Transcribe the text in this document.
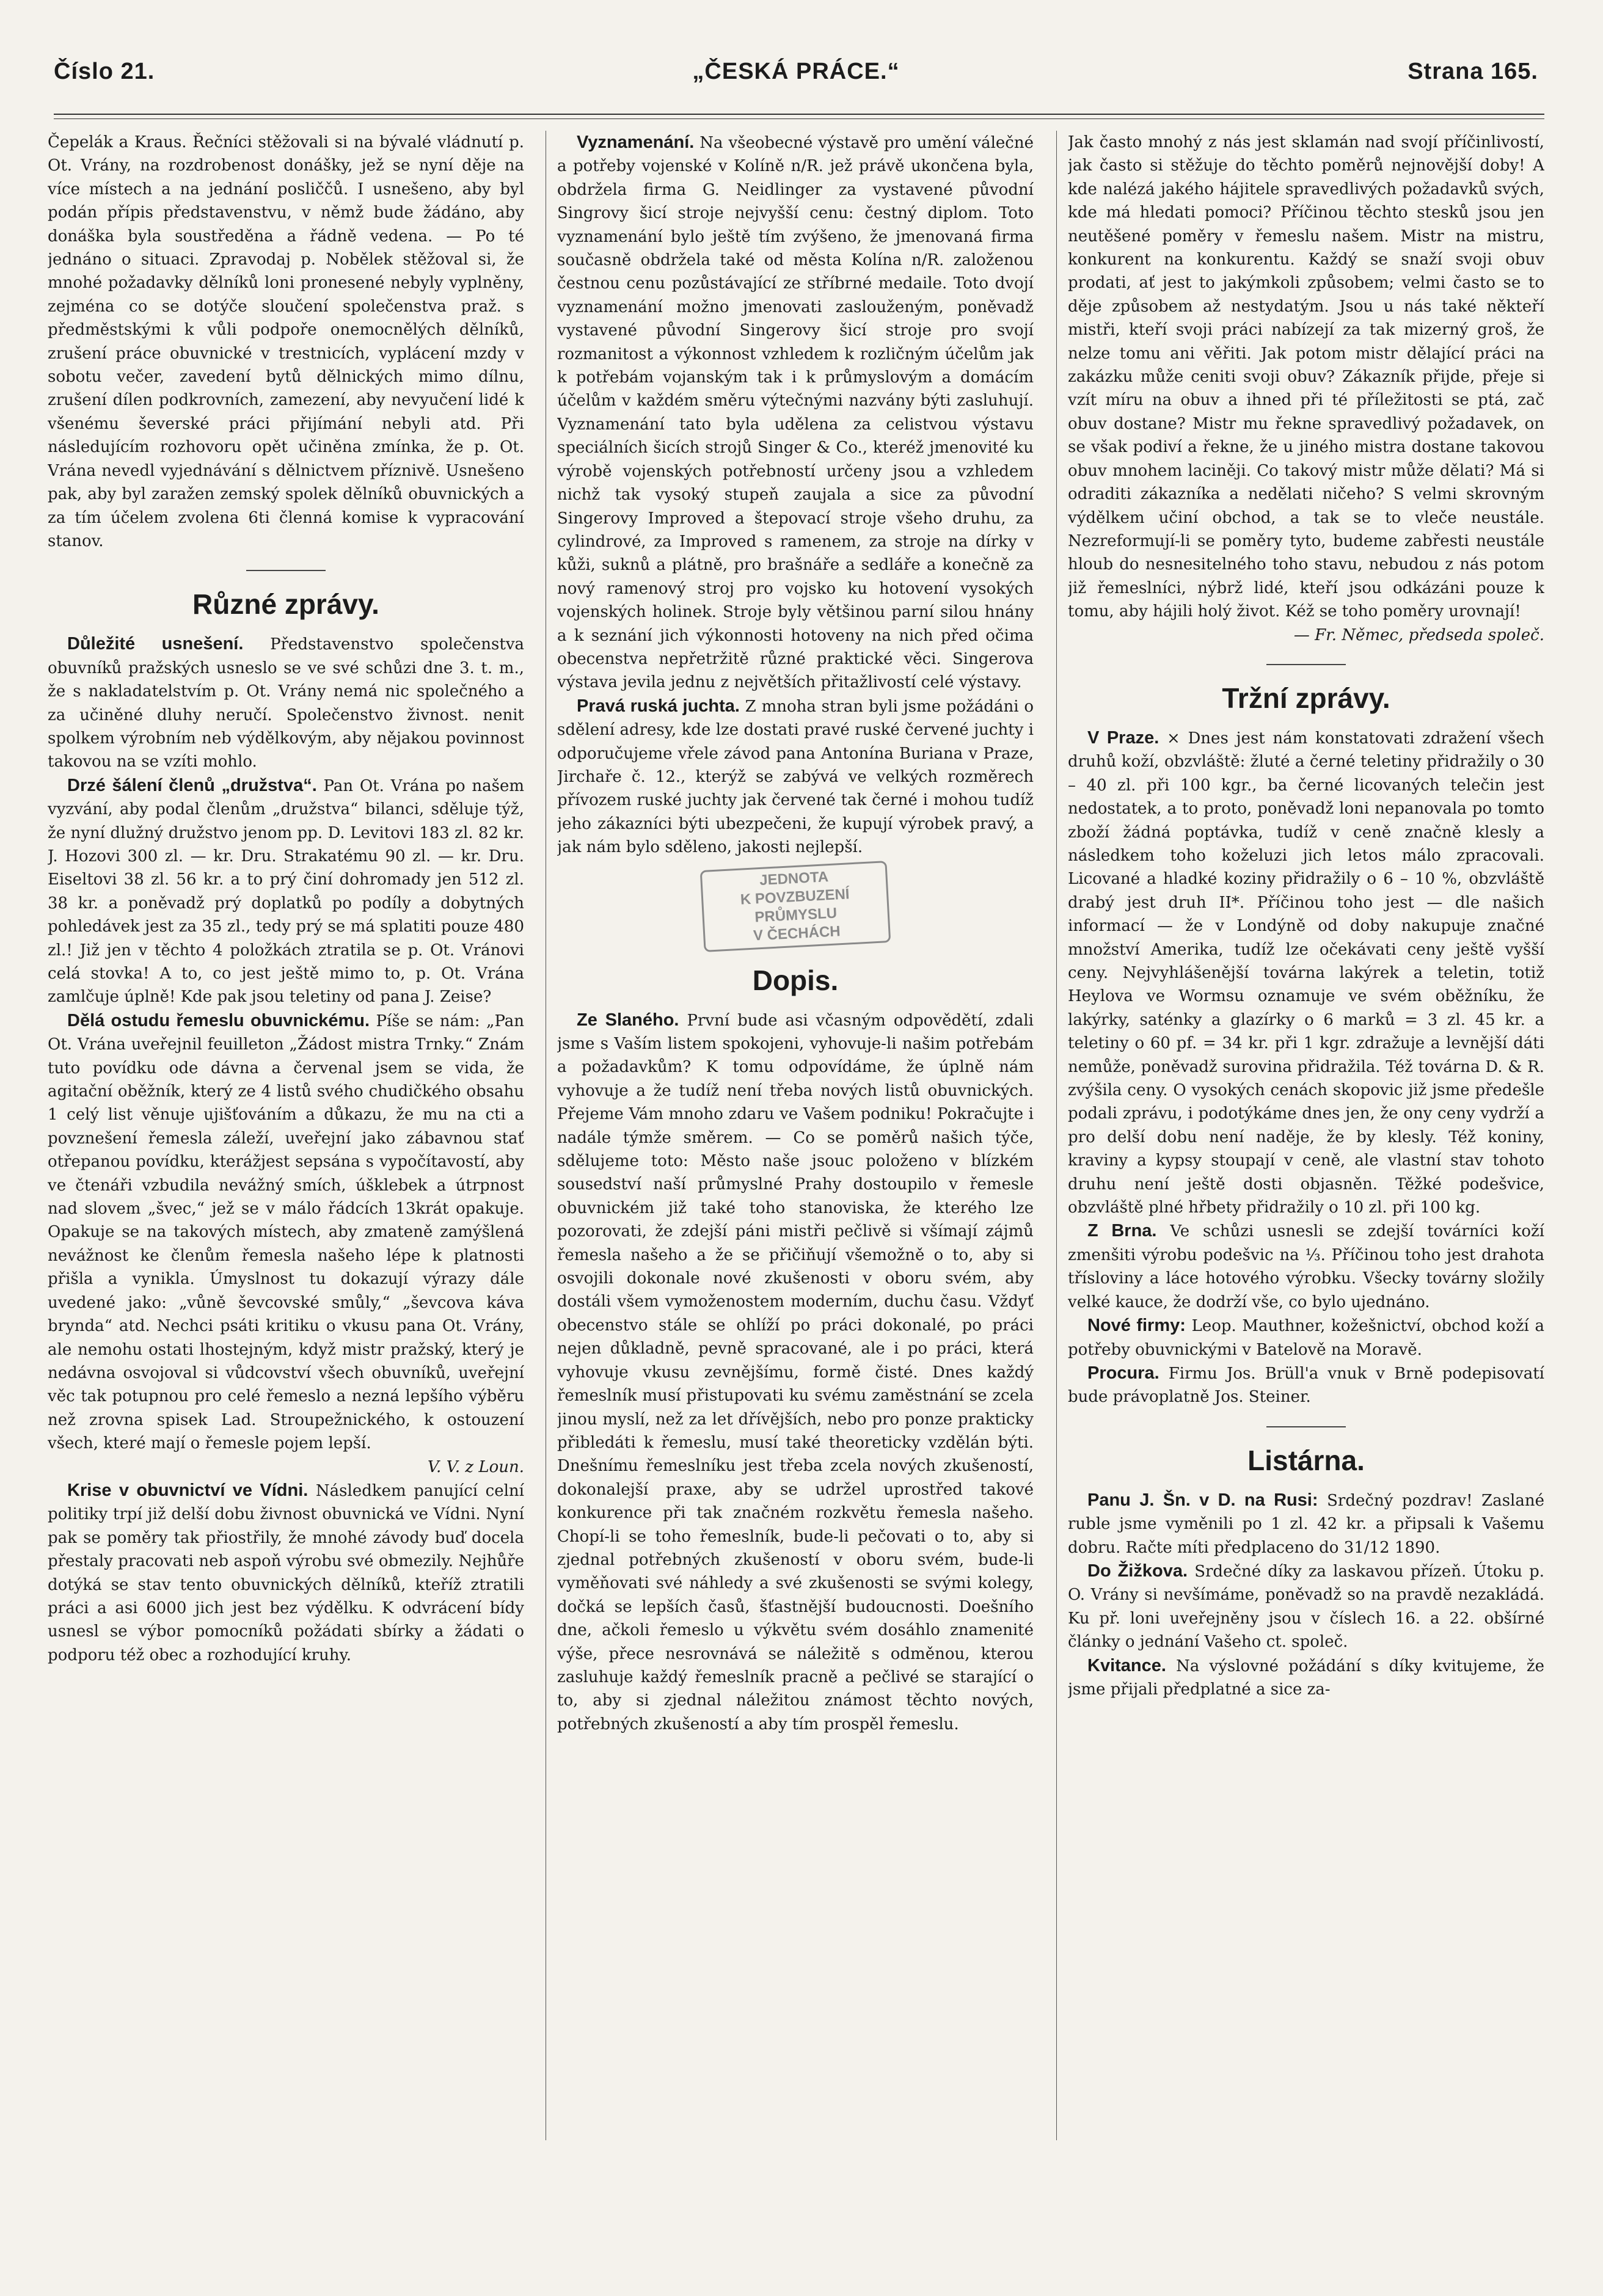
Číslo 21.	„ČESKÁ PRÁCE.“	Strana 165.

Čepelák a Kraus. Řečníci stěžovali si na bývalé vládnutí p. Ot. Vrány, na rozdrobenost donášky, jež se nyní děje na více místech a na jednání posliččů. I usnešeno, aby byl podán přípis představenstvu, v němž bude žádáno, aby donáška byla soustředěna a řádně vedena. — Po té jednáno o situaci. Zpravodaj p. Nobělek stěžoval si, že mnohé požadavky dělníků loni pronesené nebyly vyplněny, zejména co se dotýče sloučení společenstva praž. s předměstskými k vůli podpoře onemocnělých dělníků, zrušení práce obuvnické v trestnicích, vyplácení mzdy v sobotu večer, zavedení bytů dělnických mimo dílnu, zrušení dílen podkrovních, zamezení, aby nevyučení lidé k všenému ševerské práci přijímání nebyli atd. Při následujícím rozhovoru opět učiněna zmínka, že p. Ot. Vrána nevedl vyjednávání s dělnictvem příznivě. Usnešeno pak, aby byl zaražen zemský spolek dělníků obuvnických a za tím účelem zvolena 6ti členná komise k vypracování stanov.

Různé zprávy.

Důležité usnešení. Představenstvo společenstva obuvníků pražských usneslo se ve své schůzi dne 3. t. m., že s nakladatelstvím p. Ot. Vrány nemá nic společného a za učiněné dluhy neručí. Společenstvo živnost. nenit spolkem výrobním neb výdělkovým, aby nějakou povinnost takovou na se vzíti mohlo.

Drzé šálení členů „družstva“. Pan Ot. Vrána po našem vyzvání, aby podal členům „družstva“ bilanci, sděluje týž, že nyní dlužný družstvo jenom pp. D. Levitovi 183 zl. 82 kr. J. Hozovi 300 zl. — kr. Dru. Strakatému 90 zl. — kr. Dru. Eiseltovi 38 zl. 56 kr. a to prý činí dohromady jen 512 zl. 38 kr. a poněvadž prý doplatků po podíly a dobytných pohledávek jest za 35 zl., tedy prý se má splatiti pouze 480 zl.! Již jen v těchto 4 položkách ztratila se p. Ot. Vránovi celá stovka! A to, co jest ještě mimo to, p. Ot. Vrána zamlčuje úplně! Kde pak jsou teletiny od pana J. Zeise?

Dělá ostudu řemeslu obuvnickému. Píše se nám: „Pan Ot. Vrána uveřejnil feuilleton „Žádost mistra Trnky.“ Znám tuto povídku ode dávna a červenal jsem se vida, že agitační oběžník, který ze 4 listů svého chudičkého obsahu 1 celý list věnuje ujišťováním a důkazu, že mu na cti a povznešení řemesla záleží, uveřejní jako zábavnou stať otřepanou povídku, kterážjest sepsána s vypočítavostí, aby ve čtenáři vzbudila nevážný smích, úšklebek a útrpnost nad slovem „švec,“ jež se v málo řádcích 13krát opakuje. Opakuje se na takových místech, aby zmateně zamýšlená nevážnost ke členům řemesla našeho lépe k platnosti přišla a vynikla. Úmyslnost tu dokazují výrazy dále uvedené jako: „vůně ševcovské smůly,“ „ševcova káva brynda“ atd. Nechci psáti kritiku o vkusu pana Ot. Vrány, ale nemohu ostati lhostejným, když mistr pražský, který je nedávna osvojoval si vůdcovství všech obuvníků, uveřejní věc tak potupnou pro celé řemeslo a nezná lepšího výběru než zrovna spisek Lad. Stroupežnického, k ostouzení všech, které mají o řemesle pojem lepší.

V. V. z Loun.

Krise v obuvnictví ve Vídni. Následkem panující celní politiky trpí již delší dobu živnost obuvnická ve Vídni. Nyní pak se poměry tak přiostřily, že mnohé závody buď docela přestaly pracovati neb aspoň výrobu své obmezily. Nejhůře dotýká se stav tento obuvnických dělníků, kteříž ztratili práci a asi 6000 jich jest bez výdělku. K odvrácení bídy usnesl se výbor pomocníků požádati sbírky a žádati o podporu též obec a rozhodující kruhy.

Vyznamenání. Na všeobecné výstavě pro umění válečné a potřeby vojenské v Kolíně n/R. jež právě ukončena byla, obdržela firma G. Neidlinger za vystavené původní Singrovy šicí stroje nejvyšší cenu: čestný diplom. Toto vyznamenání bylo ještě tím zvýšeno, že jmenovaná firma současně obdržela také od města Kolína n/R. založenou čestnou cenu pozůstávající ze stříbrné medaile. Toto dvojí vyznamenání možno jmenovati zaslouženým, poněvadž vystavené původní Singerovy šicí stroje pro svojí rozmanitost a výkonnost vzhledem k rozličným účelům jak k potřebám vojanským tak i k průmyslovým a domácím účelům v každém směru výtečnými nazvány býti zasluhují. Vyznamenání tato byla udělena za celistvou výstavu speciálních šicích strojů Singer & Co., kteréž jmenovité ku výrobě vojenských potřebností určeny jsou a vzhledem nichž tak vysoký stupeň zaujala a sice za původní Singerovy Improved a štepovací stroje všeho druhu, za cylindrové, za Improved s ramenem, za stroje na dírky v kůži, suknů a plátně, pro brašnáře a sedláře a konečně za nový ramenový stroj pro vojsko ku hotovení vysokých vojenských holinek. Stroje byly většinou parní silou hnány a k seznání jich výkonnosti hotoveny na nich před očima obecenstva nepřetržitě různé praktické věci. Singerova výstava jevila jednu z největších přitažlivostí celé výstavy.

Pravá ruská juchta. Z mnoha stran byli jsme požádáni o sdělení adresy, kde lze dostati pravé ruské červené juchty i odporučujeme vřele závod pana Antonína Buriana v Praze, Jirchaře č. 12., kterýž se zabývá ve velkých rozměrech přívozem ruské juchty jak červené tak černé i mohou tudíž jeho zákazníci býti ubezpečeni, že kupují výrobek pravý, a jak nám bylo sděleno, jakosti nejlepší.

JEDNOTA
K POVZBUZENÍ
PRŮMYSLU
V ČECHÁCH
Dopis.

Ze Slaného. První bude asi včasným odpovědětí, zdali jsme s Vaším listem spokojeni, vyhovuje-li našim potřebám a požadavkům? K tomu odpovídáme, že úplně nám vyhovuje a že tudíž není třeba nových listů obuvnických. Přejeme Vám mnoho zdaru ve Vašem podniku! Pokračujte i nadále týmže směrem. — Co se poměrů našich týče, sdělujeme toto: Město naše jsouc položeno v blízkém sousedství naší průmyslné Prahy dostoupilo v řemesle obuvnickém již také toho stanoviska, že kterého lze pozorovati, že zdejší páni mistři pečlivě si všímají zájmů řemesla našeho a že se přičiňují všemožně o to, aby si osvojili dokonale nové zkušenosti v oboru svém, aby dostáli všem vymoženostem moderním, duchu času. Vždyť obecenstvo stále se ohlíží po práci dokonalé, po práci nejen důkladně, pevně spracované, ale i po práci, která vyhovuje vkusu zevnějšímu, formě čisté. Dnes každý řemeslník musí přistupovati ku svému zaměstnání se zcela jinou myslí, než za let dřívějších, nebo pro ponze prakticky přibledáti k řemeslu, musí také theoreticky vzdělán býti. Dnešnímu řemeslníku jest třeba zcela nových zkušeností, dokonalejší praxe, aby se udržel uprostřed takové konkurence při tak značném rozkvětu řemesla našeho. Chopí-li se toho řemeslník, bude-li pečovati o to, aby si zjednal potřebných zkušeností v oboru svém, bude-li vyměňovati své náhledy a své zkušenosti se svými kolegy, dočká se lepších časů, šťastnější budoucnosti. Doešního dne, ačkoli řemeslo u výkvětu svém dosáhlo znamenité výše, přece nesrovnává se náležitě s odměnou, kterou zasluhuje každý řemeslník pracně a pečlivé se starající o to, aby si zjednal náležitou známost těchto nových, potřebných zkušeností a aby tím prospěl řemeslu.

Jak často mnohý z nás jest sklamán nad svojí příčinlivostí, jak často si stěžuje do těchto poměrů nejnovější doby! A kde nalézá jakého hájitele spravedlivých požadavků svých, kde má hledati pomoci? Příčinou těchto stesků jsou jen neutěšené poměry v řemeslu našem. Mistr na mistru, konkurent na konkurentu. Každý se snaží svoji obuv prodati, ať jest to jakýmkoli způsobem; velmi často se to děje způsobem až nestydatým. Jsou u nás také někteří mistři, kteří svoji práci nabízejí za tak mizerný groš, že nelze tomu ani věřiti. Jak potom mistr dělající práci na zakázku může ceniti svoji obuv? Zákazník přijde, přeje si vzít míru na obuv a ihned při té příležitosti se ptá, zač obuv dostane? Mistr mu řekne spravedlivý požadavek, on se však podiví a řekne, že u jiného mistra dostane takovou obuv mnohem laciněji. Co takový mistr může dělati? Má si odraditi zákazníka a nedělati ničeho? S velmi skrovným výdělkem učiní obchod, a tak se to vleče neustále. Nezreformují-li se poměry tyto, budeme zabřesti neustále hloub do nesnesitelného toho stavu, nebudou z nás potom již řemeslníci, nýbrž lidé, kteří jsou odkázáni pouze k tomu, aby hájili holý život. Kéž se toho poměry urovnají!

— Fr. Němec, předseda společ.

Tržní zprávy.

V Praze. × Dnes jest nám konstatovati zdražení všech druhů koží, obzvláště: žluté a černé teletiny přidražily o 30 – 40 zl. při 100 kgr., ba černé licovaných telečin jest nedostatek, a to proto, poněvadž loni nepanovala po tomto zboží žádná poptávka, tudíž v ceně značně klesly a následkem toho koželuzi jich letos málo zpracovali. Licované a hladké koziny přidražily o 6 – 10 %, obzvláště drabý jest druh II*. Příčinou toho jest — dle našich informací — že v Londýně od doby nakupuje značné množství Amerika, tudíž lze očekávati ceny ještě vyšší ceny. Nejvyhlášenější továrna lakýrek a teletin, totiž Heylova ve Wormsu oznamuje ve svém oběžníku, že lakýrky, saténky a glazírky o 6 marků = 3 zl. 45 kr. a teletiny o 60 pf. = 34 kr. při 1 kgr. zdražuje a levnější dáti nemůže, poněvadž surovina přidražila. Též továrna D. & R. zvýšila ceny. O vysokých cenách skopovic již jsme předešle podali zprávu, i podotýkáme dnes jen, že ony ceny vydrží a pro delší dobu není naděje, že by klesly. Též koniny, kraviny a kypsy stoupají v ceně, ale vlastní stav tohoto druhu není ještě dosti objasněn. Těžké podešvice, obzvláště plné hřbety přidražily o 10 zl. při 100 kg.

Z Brna. Ve schůzi usnesli se zdejší továrníci koží zmenšiti výrobu podešvic na ⅓. Příčinou toho jest drahota třísloviny a láce hotového výrobku. Všecky továrny složily velké kauce, že dodrží vše, co bylo ujednáno.

Nové firmy: Leop. Mauthner, kožešnictví, obchod koží a potřeby obuvnickými v Batelově na Moravě.

Procura. Firmu Jos. Brüll'a vnuk v Brně podepisovatí bude právoplatně Jos. Steiner.

Listárna.

Panu J. Šn. v D. na Rusi: Srdečný pozdrav! Zaslané ruble jsme vyměnili po 1 zl. 42 kr. a připsali k Vašemu dobru. Račte míti předplaceno do 31/12 1890.

Do Žižkova. Srdečné díky za laskavou přízeň. Útoku p. O. Vrány si nevšímáme, poněvadž so na pravdě nezakládá. Ku př. loni uveřejněny jsou v číslech 16. a 22. obšírné články o jednání Vašeho ct. společ.

Kvitance. Na výslovné požádání s díky kvitujeme, že jsme přijali předplatné a sice za-
